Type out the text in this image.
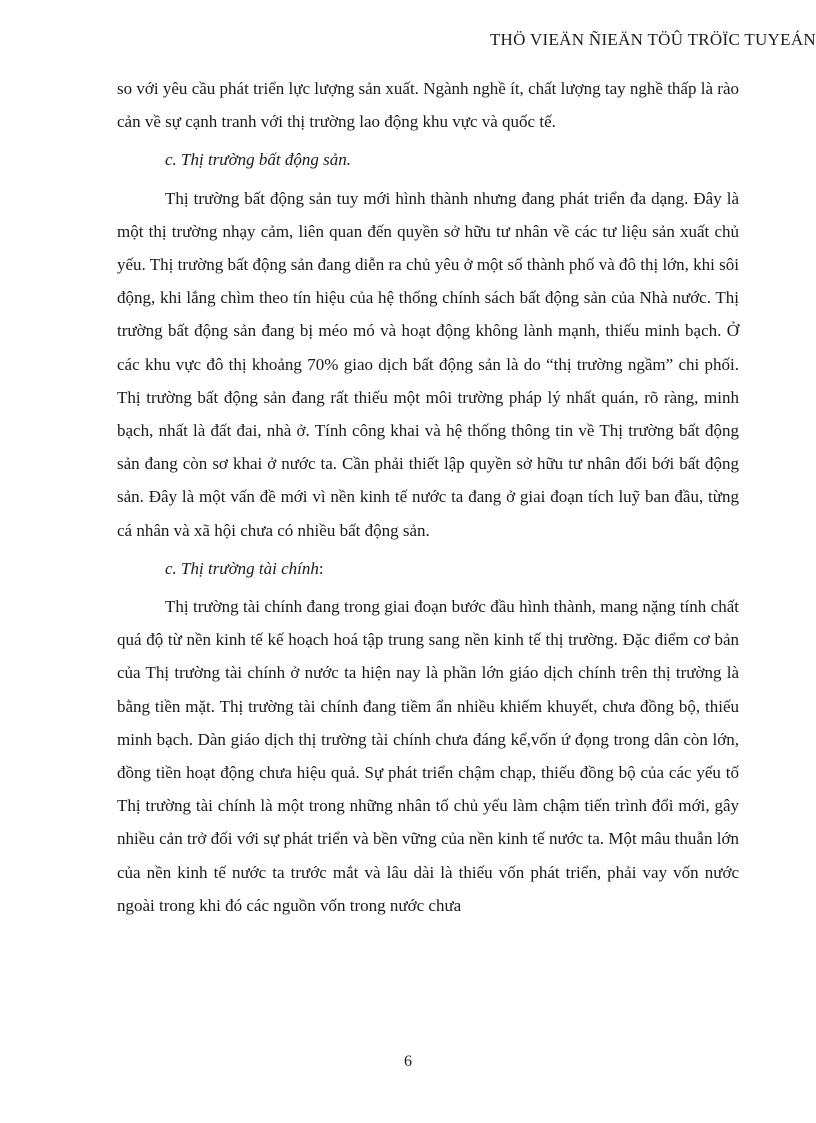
THÖ VIEÄN ÑIEÄN TÖÛ TRÖÏC TUYEÁN

so với yêu cầu phát triển lực lượng sản xuất. Ngành nghề ít, chất lượng tay nghề thấp là rào cản về sự cạnh tranh với thị trường lao động khu vực và quốc tế.

c. Thị trường bất động sản.

Thị trường bất động sản tuy mới hình thành nhưng đang phát triển đa dạng. Đây là một thị trường nhạy cảm, liên quan đến quyền sở hữu tư nhân về các tư liệu sản xuất chủ yếu. Thị trường bất động sản đang diễn ra chủ yêu ở một số thành phố và đô thị lớn, khi sôi động, khi lắng chìm theo tín hiệu của hệ thống chính sách bất động sản của Nhà nước. Thị trường bất động sản đang bị méo mó và hoạt động không lành mạnh, thiếu minh bạch. Ở các khu vực đô thị khoảng 70% giao dịch bất động sản là do “thị trường ngầm” chi phối. Thị trường bất động sản đang rất thiếu một môi trường pháp lý nhất quán, rõ ràng, minh bạch, nhất là đất đai, nhà ở. Tính công khai và hệ thống thông tin về Thị trường bất động sản đang còn sơ khai ở nước ta. Cần phải thiết lập quyền sở hữu tư nhân đối bới bất động sản. Đây là một vấn đề mới vì nền kinh tế nước ta đang ở giai đoạn tích luỹ ban đầu, từng cá nhân và xã hội chưa có nhiều bất động sản.

c. Thị trường tài chính:

Thị trường tài chính đang trong giai đoạn bước đầu hình thành, mang nặng tính chất quá độ từ nền kinh tế kế hoạch hoá tập trung sang nền kinh tế thị trường. Đặc điểm cơ bản của Thị trường tài chính ở nước ta hiện nay là phần lớn giáo dịch chính trên thị trường là bằng tiền mặt. Thị trường tài chính đang tiềm ẩn nhiều khiếm khuyết, chưa đồng bộ, thiếu minh bạch. Dàn giáo dịch thị trường tài chính chưa đáng kể,vốn ứ đọng trong dân còn lớn, đồng tiền hoạt động chưa hiệu quả. Sự phát triển chậm chạp, thiếu đồng bộ của các yếu tố Thị trường tài chính là một trong những nhân tố chủ yếu làm chậm tiến trình đổi mới, gây nhiều cản trở đối với sự phát triển và bền vững của nền kinh tế nước ta. Một mâu thuẫn lớn của nền kinh tế nước ta trước mắt và lâu dài là thiếu vốn phát triển, phải vay vốn nước ngoài trong khi đó các nguồn vốn trong nước chưa

6
